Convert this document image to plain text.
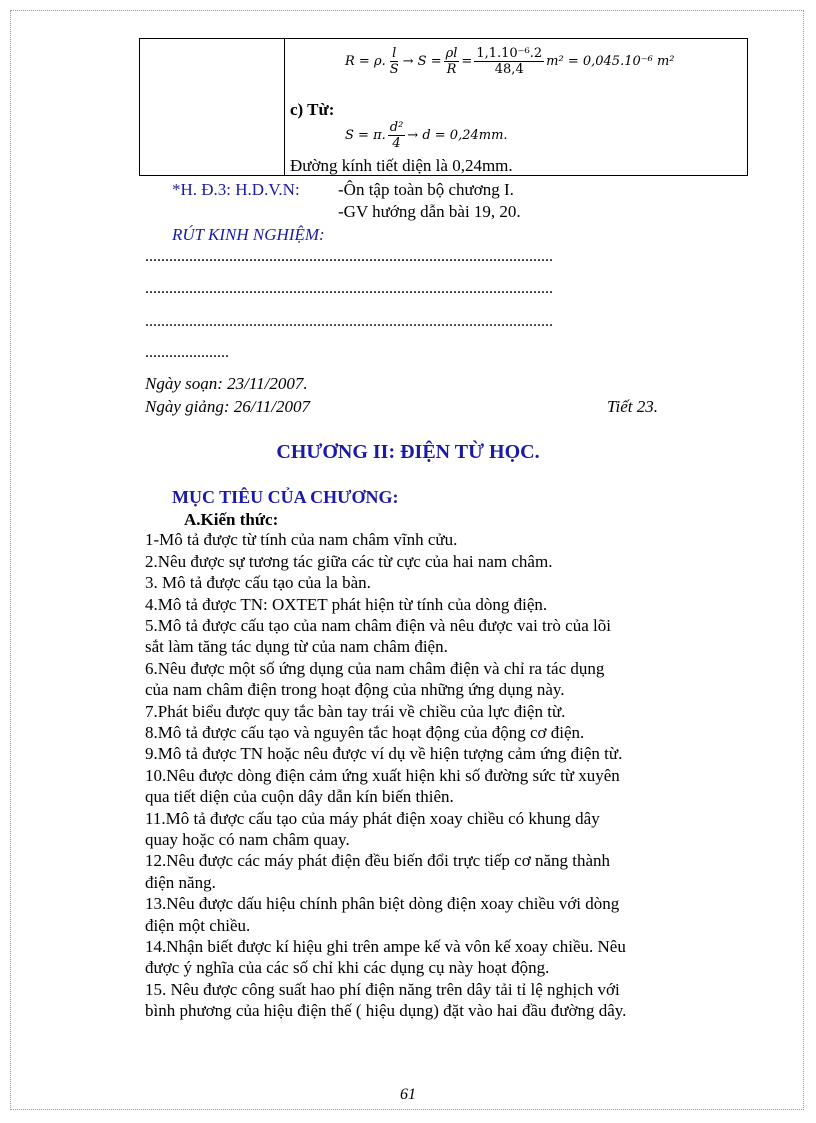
R = ρ. $\frac{l}{S} \to S = \frac{\rho l}{R} = \frac{\text{1,1.10⁻⁶.2}}{48,4} m^2 = 0,045.10^{-6}$ m²
c) Từ:
S = π. $\frac{\text{d²}}{4} \to d = 0,24mm$.
Đường kính tiết diện là 0,24mm.
*H. Đ.3: H.D.V.N: -Ôn tập toàn bộ chương I.
-GV hướng dẫn bài 19, 20.
RÚT KINH NGHIỆM:
......................................................................................................
......................................................................................................
......................................................................................................
.....................
Ngày soạn: 23/11/2007.
Ngày giảng: 26/11/2007	Tiết 23.
CHƯƠNG II: ĐIỆN TỪ HỌC.
MỤC TIÊU CỦA CHƯƠNG:
A.Kiến thức:
1-Mô tả được từ tính của nam châm vĩnh cửu.
2.Nêu được sự tương tác giữa các từ cực của hai nam châm.
3. Mô tả được cấu tạo của la bàn.
4.Mô tả được TN: OXTET phát hiện từ tính của dòng điện.
5.Mô tả được cấu tạo của nam châm điện và nêu được vai trò của lõi
sắt làm tăng tác dụng từ của nam châm điện.
6.Nêu được một số ứng dụng của nam châm điện và chỉ ra tác dụng
của nam châm điện trong hoạt động của những ứng dụng này.
7.Phát biểu được quy tắc bàn tay trái về chiều của lực điện từ.
8.Mô tả được cấu tạo và nguyên tắc hoạt động của động cơ điện.
9.Mô tả được TN hoặc nêu được ví dụ về hiện tượng cảm ứng điện từ.
10.Nêu được dòng điện cảm ứng xuất hiện khi số đường sức từ xuyên
qua tiết diện của cuộn dây dẫn kín biến thiên.
11.Mô tả được cấu tạo của máy phát điện xoay chiều có khung dây
quay hoặc có nam châm quay.
12.Nêu được các máy phát điện đều biến đổi trực tiếp cơ năng thành
điện năng.
13.Nêu được dấu hiệu chính phân biệt dòng điện xoay chiều với dòng
điện một chiều.
14.Nhận biết được kí hiệu ghi trên ampe kế và vôn kế xoay chiều. Nêu
được ý nghĩa của các số chỉ khi các dụng cụ này hoạt động.
15. Nêu được công suất hao phí điện năng trên dây tải tỉ lệ nghịch với
bình phương của hiệu điện thế ( hiệu dụng) đặt vào hai đầu đường dây.
61
